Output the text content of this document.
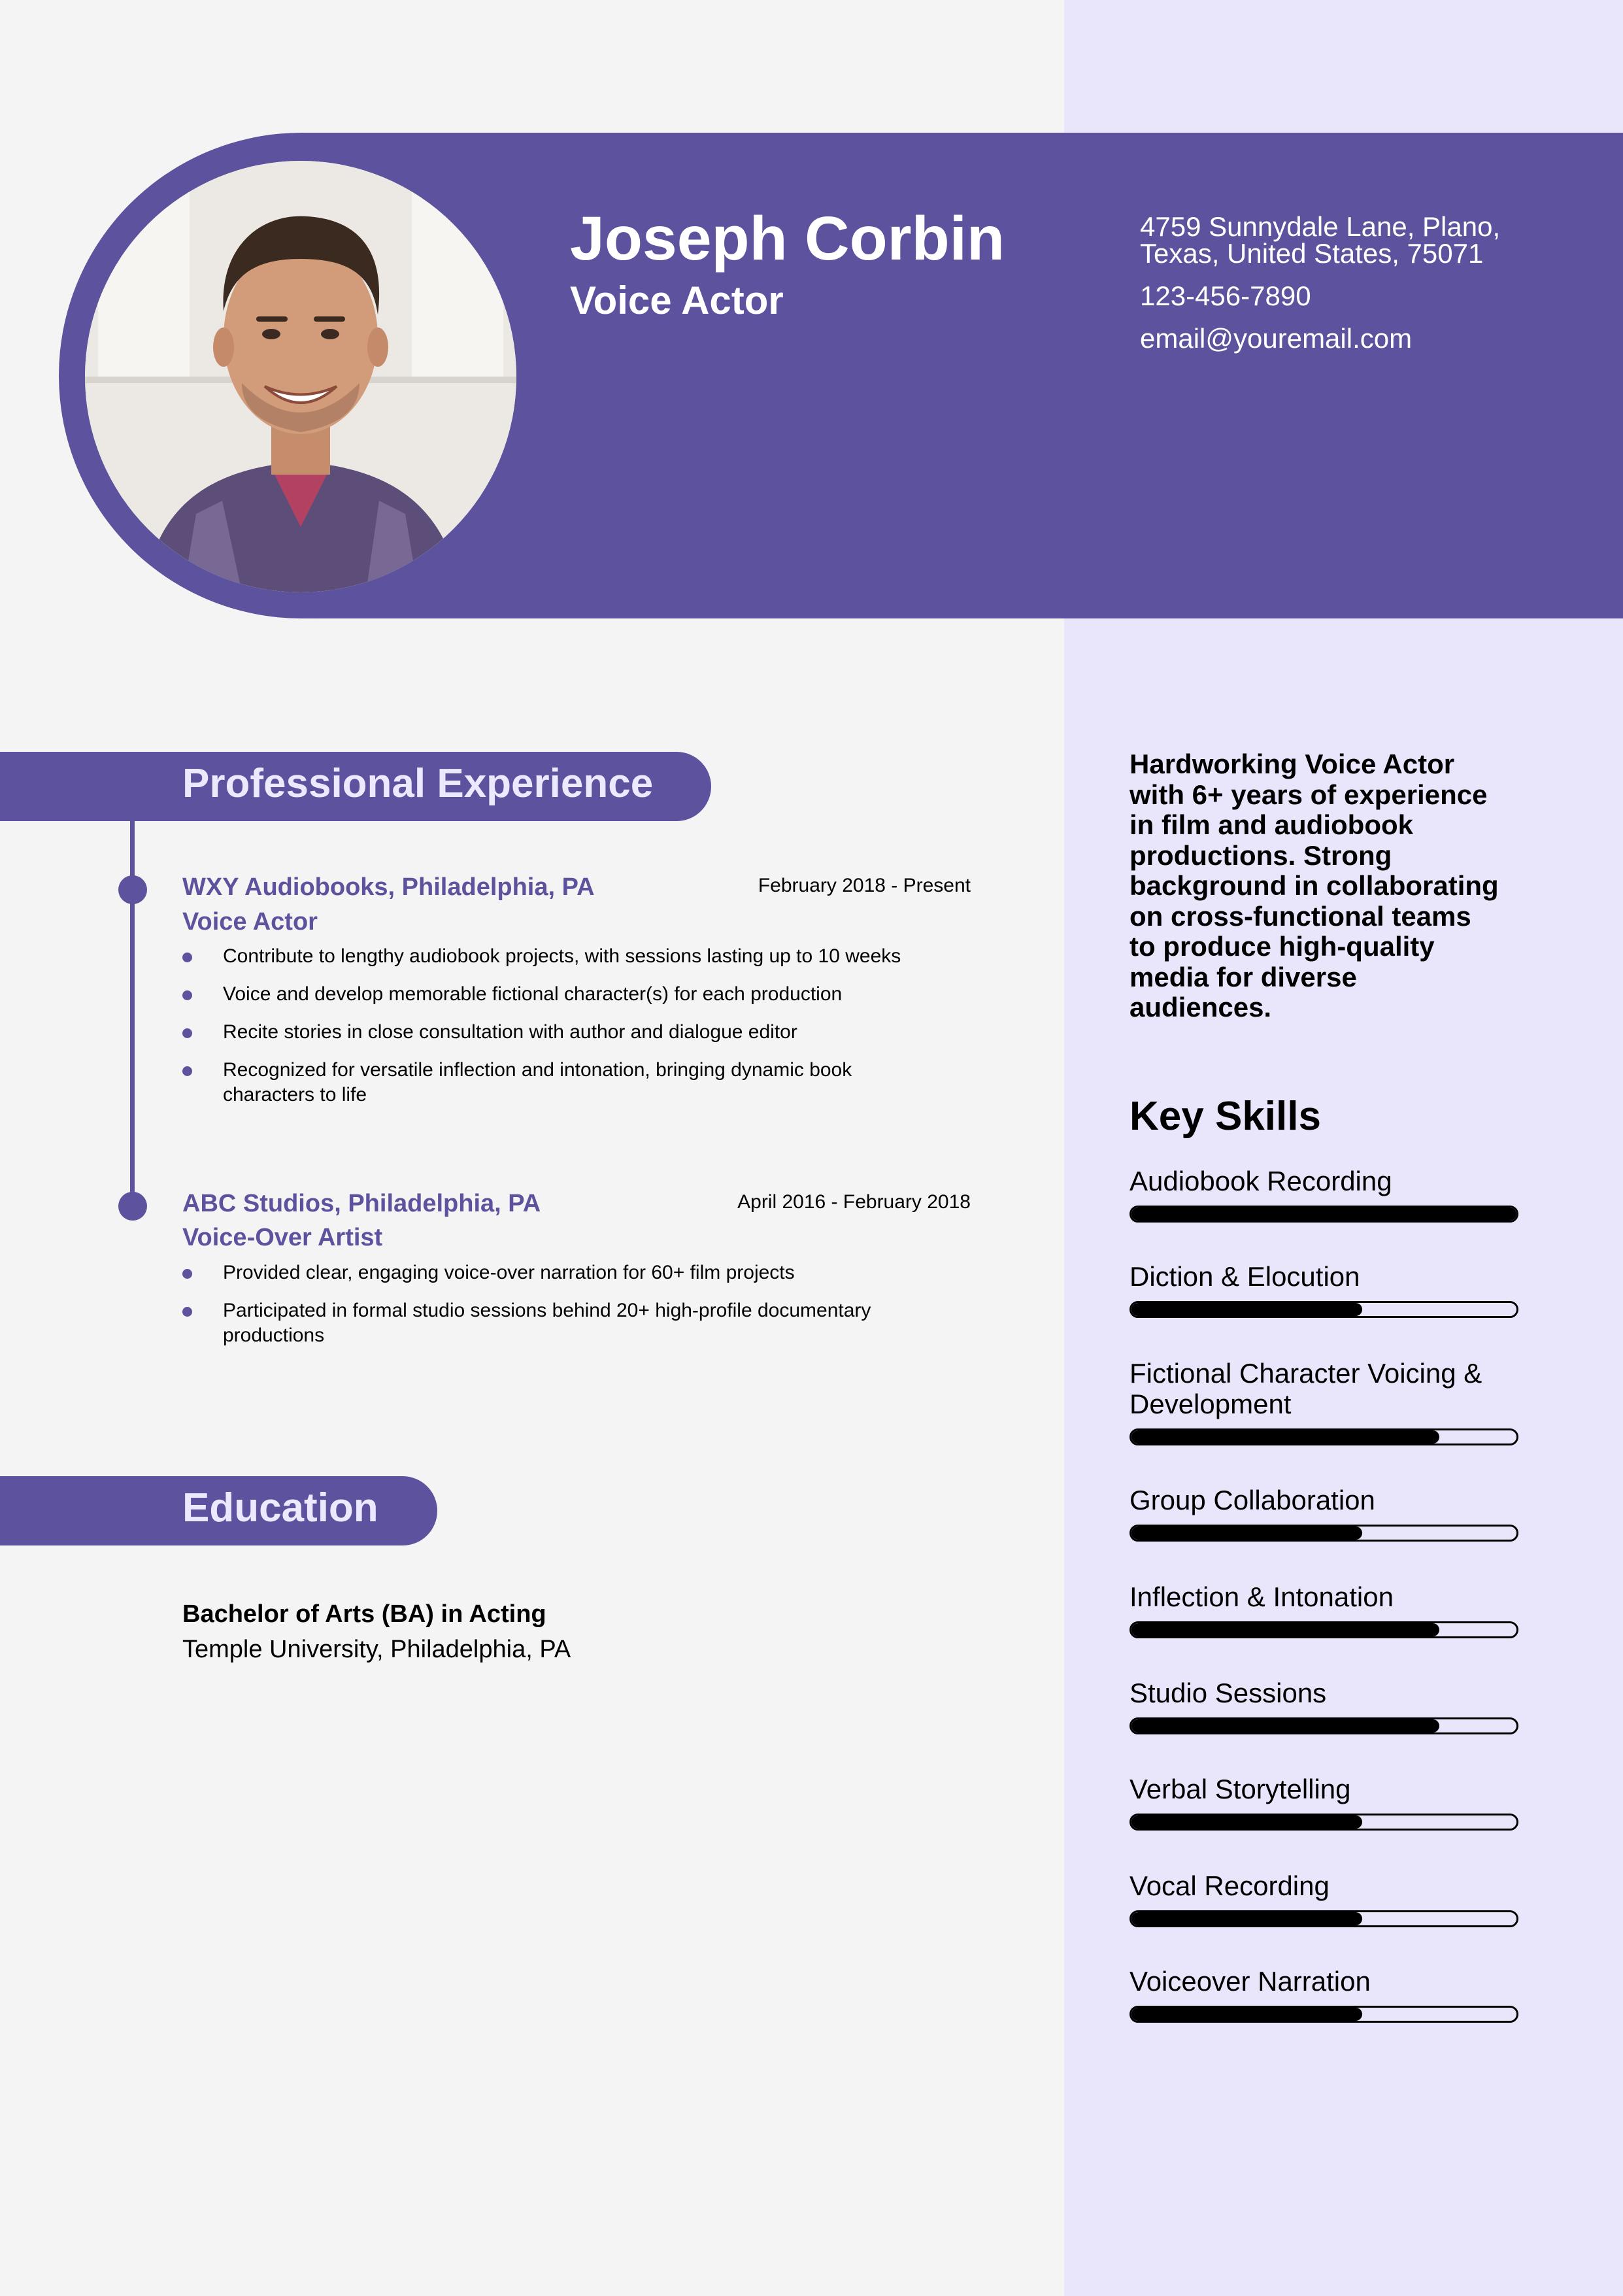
Joseph Corbin
Voice Actor
4759 Sunnydale Lane, Plano,
Texas, United States, 75071
123-456-7890
email@youremail.com
Professional Experience
WXY Audiobooks, Philadelphia, PA	February 2018 - Present
Voice Actor
Contribute to lengthy audiobook projects, with sessions lasting up to 10 weeks
Voice and develop memorable fictional character(s) for each production
Recite stories in close consultation with author and dialogue editor
Recognized for versatile inflection and intonation, bringing dynamic book characters to life
ABC Studios, Philadelphia, PA	April 2016 - February 2018
Voice-Over Artist
Provided clear, engaging voice-over narration for 60+ film projects
Participated in formal studio sessions behind 20+ high-profile documentary productions
Education
Bachelor of Arts (BA) in Acting
Temple University, Philadelphia, PA
Hardworking Voice Actor
with 6+ years of experience
in film and audiobook
productions. Strong
background in collaborating
on cross-functional teams
to produce high-quality
media for diverse
audiences.
Key Skills
Audiobook Recording
Diction & Elocution
Fictional Character Voicing & Development
Group Collaboration
Inflection & Intonation
Studio Sessions
Verbal Storytelling
Vocal Recording
Voiceover Narration
